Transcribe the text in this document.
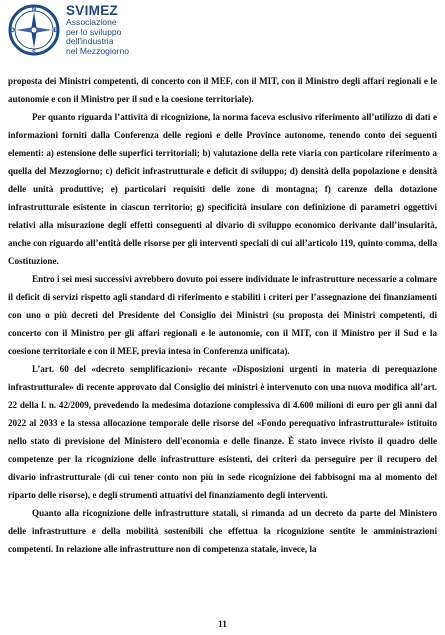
N
S
O	E
SVIMEZ
Associazione
per lo sviluppo
dell'industria
nel Mezzogiorno

proposta dei Ministri competenti, di concerto con il MEF, con il MIT, con il Ministro degli affari regionali e le autonomie e con il Ministro per il sud e la coesione territoriale).

Per quanto riguarda l’attività di ricognizione, la norma faceva esclusivo riferimento all’utilizzo di dati e informazioni forniti dalla Conferenza delle regioni e delle Province autonome, tenendo conto dei seguenti elementi: a) estensione delle superfici territoriali; b) valutazione della rete viaria con particolare riferimento a quella del Mezzogiorno; c) deficit infrastrutturale e deficit di sviluppo; d) densità della popolazione e densità delle unità produttive; e) particolari requisiti delle zone di montagna; f) carenze della dotazione infrastrutturale esistente in ciascun territorio; g) specificità insulare con definizione di parametri oggettivi relativi alla misurazione degli effetti conseguenti al divario di sviluppo economico derivante dall’insularità, anche con riguardo all’entità delle risorse per gli interventi speciali di cui all’articolo 119, quinto comma, della Costituzione.

Entro i sei mesi successivi avrebbero dovuto poi essere individuate le infrastrutture necessarie a colmare il deficit di servizi rispetto agli standard di riferimento e stabiliti i criteri per l’assegnazione dei finanziamenti con uno o più decreti del Presidente del Consiglio dei Ministri (su proposta dei Ministri competenti, di concerto con il Ministro per gli affari regionali e le autonomie, con il MIT, con il Ministro per il Sud e la coesione territoriale e con il MEF, previa intesa in Conferenza unificata).

L’art. 60 del «decreto semplificazioni» recante «Disposizioni urgenti in materia di perequazione infrastrutturale» di recente approvato dal Consiglio dei ministri è intervenuto con una nuova modifica all’art. 22 della l. n. 42/2009, prevedendo la medesima dotazione complessiva di 4.600 milioni di euro per gli anni dal 2022 al 2033 e la stessa allocazione temporale delle risorse del «Fondo perequativo infrastrutturale» istituito nello stato di previsione del Ministero dell'economia e delle finanze. È stato invece rivisto il quadro delle competenze per la ricognizione delle infrastrutture esistenti, dei criteri da perseguire per il recupero del divario infrastrutturale (di cui tener conto non più in sede ricognizione dei fabbisogni ma al momento del riparto delle risorse), e degli strumenti attuativi del finanziamento degli interventi.

Quanto alla ricognizione delle infrastrutture statali, si rimanda ad un decreto da parte del Ministero delle infrastrutture e della mobilità sostenibili che effettua la ricognizione sentite le amministrazioni competenti. In relazione alle infrastrutture non di competenza statale, invece, la

11
